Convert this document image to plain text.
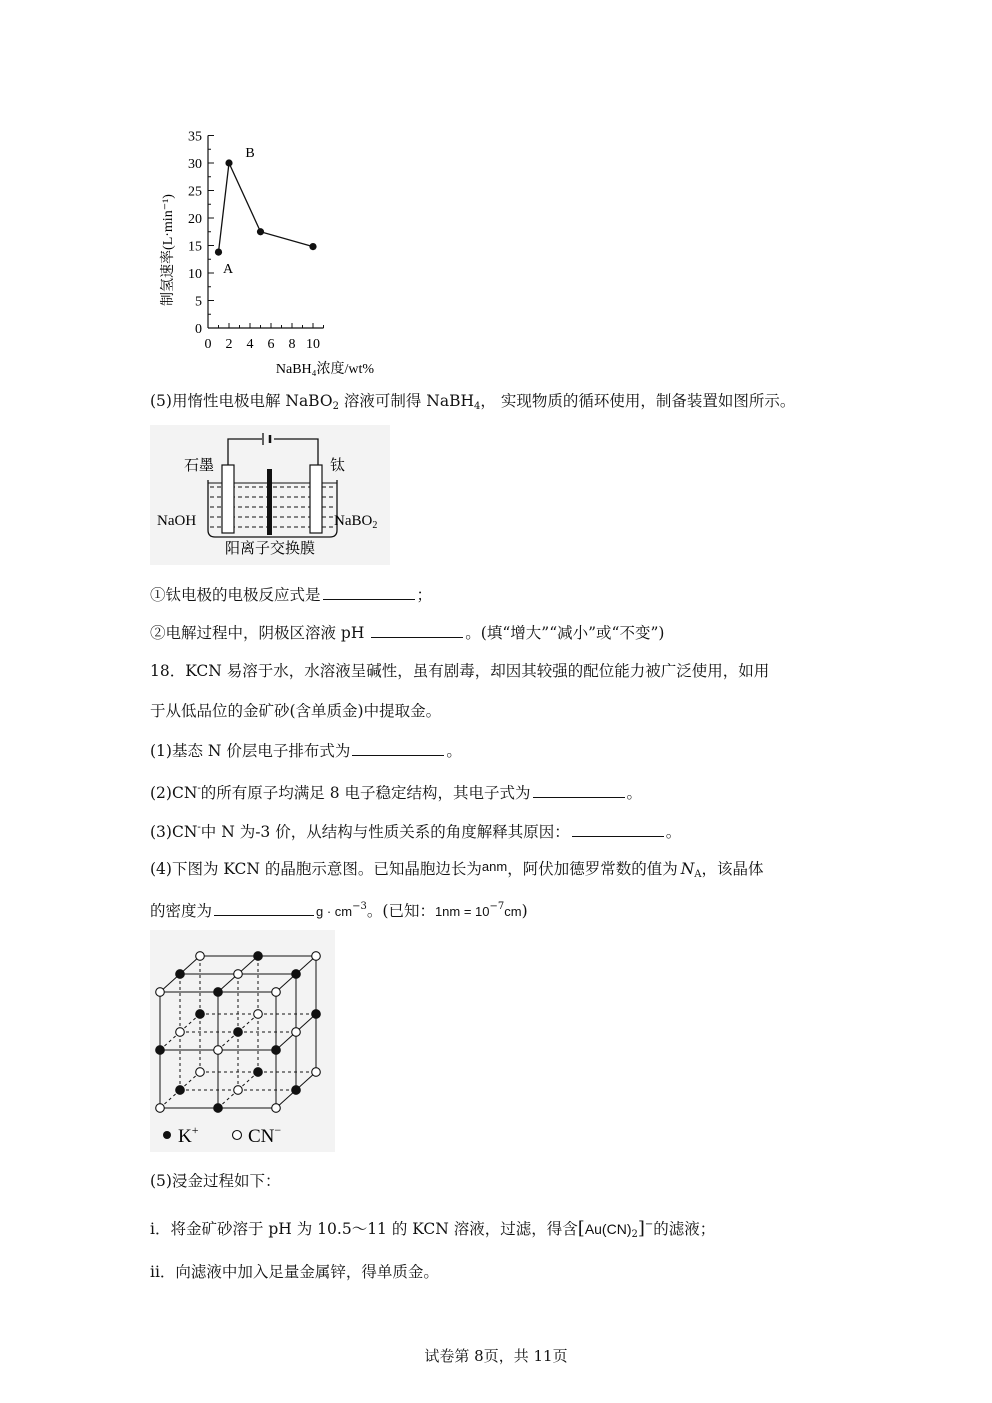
0
5
10
15
20
25
30
35
0 2 4 6 8 10
制氢速率(L·min⁻¹)
NaBH₄浓度/wt%
A
B
(5)用惰性电极电解 NaBO$_2$ 溶液可制得 NaBH$_4$， 实现物质的循环使用，制备装置如图所示。
石墨	钛
NaOH	NaBO$_2$
阳离子交换膜
①钛电极的电极反应式是	；
②电解过程中，阴极区溶液 pH	。(填“增大”“减小”或“不变”)
18．KCN 易溶于水，水溶液呈碱性，虽有剧毒，却因其较强的配位能力被广泛使用，如用
于从低品位的金矿砂(含单质金)中提取金。
(1)基态 N 价层电子排布式为	。
(2)CN-的所有原子均满足 8 电子稳定结构，其电子式为	。
(3)CN-中 N 为-3 价，从结构与性质关系的角度解释其原因：	。
(4)下图为 KCN 的晶胞示意图。已知晶胞边长为anm，阿伏加德罗常数的值为 $N_A$，该晶体
的密度为	$g \cdot cm^{-3}$。(已知：$1nm = 10^{-7}cm$)
K+	CN−
(5)浸金过程如下：
i．将金矿砂溶于 pH 为 10.5～11 的 KCN 溶液，过滤，得含$[Au(CN)_2]^-$的滤液；
ii．向滤液中加入足量金属锌，得单质金。
试卷第 8页，共 11页
